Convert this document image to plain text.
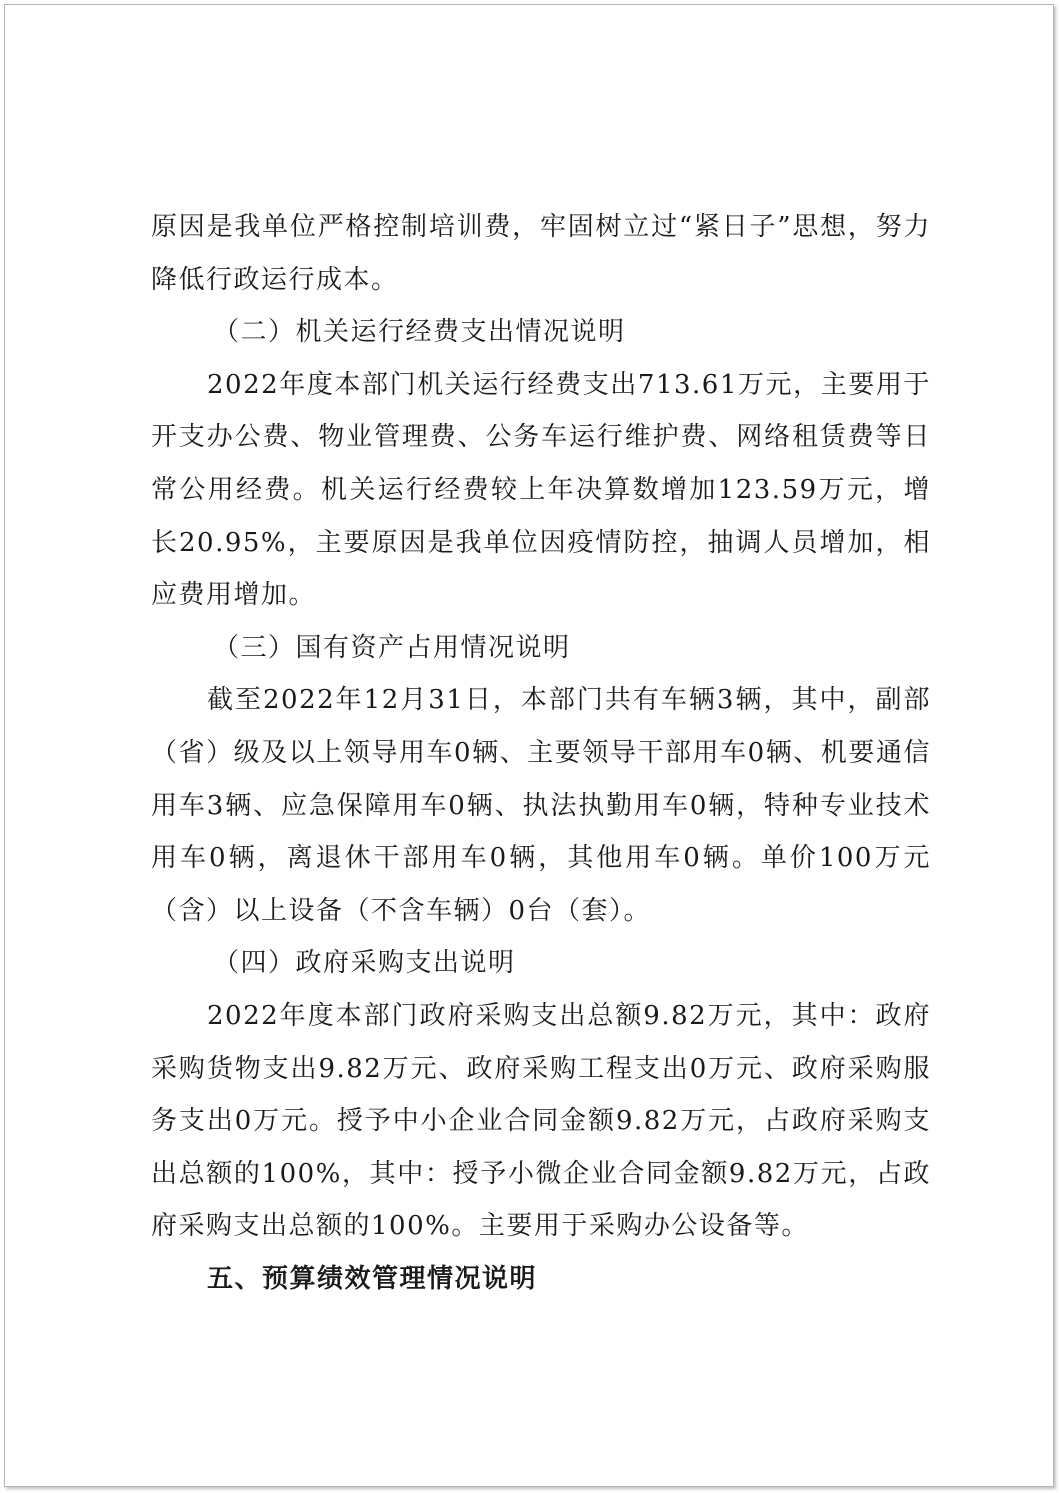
原因是我单位严格控制培训费，牢固树立过“紧日子”思想，努力降低行政运行成本。

（二）机关运行经费支出情况说明

2022年度本部门机关运行经费支出713.61万元，主要用于开支办公费、物业管理费、公务车运行维护费、网络租赁费等日常公用经费。机关运行经费较上年决算数增加123.59万元，增长20.95%，主要原因是我单位因疫情防控，抽调人员增加，相应费用增加。

（三）国有资产占用情况说明

截至2022年12月31日，本部门共有车辆3辆，其中，副部（省）级及以上领导用车0辆、主要领导干部用车0辆、机要通信用车3辆、应急保障用车0辆、执法执勤用车0辆，特种专业技术用车0辆，离退休干部用车0辆，其他用车0辆。单价100万元（含）以上设备（不含车辆）0台（套）。

（四）政府采购支出说明

2022年度本部门政府采购支出总额9.82万元，其中：政府采购货物支出9.82万元、政府采购工程支出0万元、政府采购服务支出0万元。授予中小企业合同金额9.82万元，占政府采购支出总额的100%，其中：授予小微企业合同金额9.82万元，占政府采购支出总额的100%。主要用于采购办公设备等。

五、预算绩效管理情况说明
